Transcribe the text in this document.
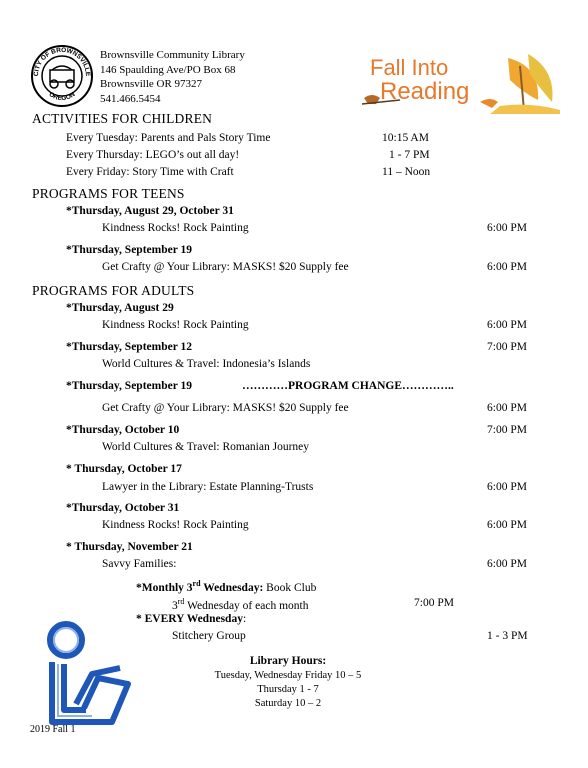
CITY OF BROWNSVILLE
OREGON
Brownsville Community Library
146 Spaulding Ave/PO Box 68
Brownsville OR 97327
541.466.5454
Fall Into
Reading
ACTIVITIES FOR CHILDREN
Every Tuesday: Parents and Pals Story Time	10:15 AM
Every Thursday: LEGO’s out all day!	1 - 7 PM
Every Friday: Story Time with Craft	11 – Noon
PROGRAMS FOR TEENS
*Thursday, August 29, October 31
Kindness Rocks! Rock Painting	6:00 PM
*Thursday, September 19
Get Crafty @ Your Library: MASKS! $20 Supply fee	6:00 PM
PROGRAMS FOR ADULTS
*Thursday, August 29
Kindness Rocks! Rock Painting	6:00 PM
*Thursday, September 12	7:00 PM
World Cultures & Travel: Indonesia’s Islands
*Thursday, September 19	…………PROGRAM CHANGE…………..
Get Crafty @ Your Library: MASKS! $20 Supply fee	6:00 PM
*Thursday, October 10	7:00 PM
World Cultures & Travel: Romanian Journey
* Thursday, October 17
Lawyer in the Library: Estate Planning-Trusts	6:00 PM
*Thursday, October 31
Kindness Rocks! Rock Painting	6:00 PM
* Thursday, November 21
Savvy Families:	6:00 PM
*Monthly 3rd Wednesday: Book Club
3rd Wednesday of each month	7:00 PM
* EVERY Wednesday:
Stitchery Group	1 - 3 PM
Library Hours:
Tuesday, Wednesday Friday 10 – 5
Thursday 1 - 7
Saturday 10 – 2
2019 Fall 1
